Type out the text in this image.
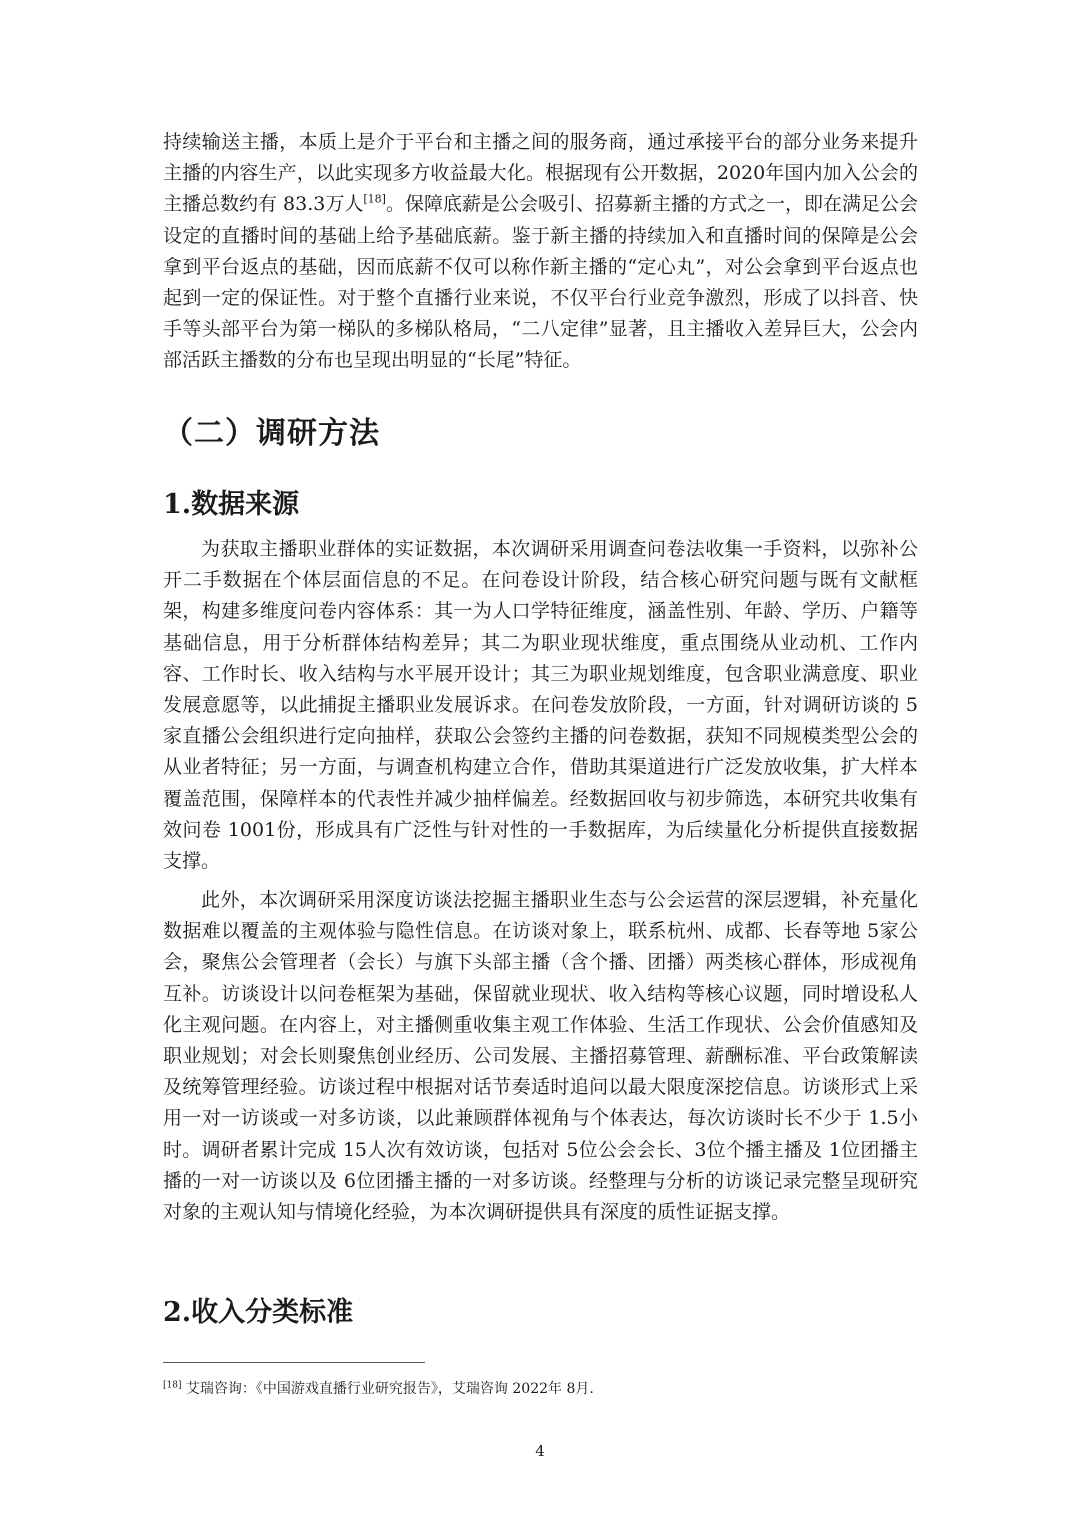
持续输送主播，本质上是介于平台和主播之间的服务商，通过承接平台的部分业务来提升主播的内容生产，以此实现多方收益最大化。根据现有公开数据，2020年国内加入公会的主播总数约有 83.3万人[18]。保障底薪是公会吸引、招募新主播的方式之一，即在满足公会设定的直播时间的基础上给予基础底薪。鉴于新主播的持续加入和直播时间的保障是公会拿到平台返点的基础，因而底薪不仅可以称作新主播的“定心丸”，对公会拿到平台返点也起到一定的保证性。对于整个直播行业来说，不仅平台行业竞争激烈，形成了以抖音、快手等头部平台为第一梯队的多梯队格局，“二八定律”显著，且主播收入差异巨大，公会内部活跃主播数的分布也呈现出明显的“长尾”特征。

（二）调研方法
1.数据来源

为获取主播职业群体的实证数据，本次调研采用调查问卷法收集一手资料，以弥补公开二手数据在个体层面信息的不足。在问卷设计阶段，结合核心研究问题与既有文献框架，构建多维度问卷内容体系：其一为人口学特征维度，涵盖性别、年龄、学历、户籍等基础信息，用于分析群体结构差异；其二为职业现状维度，重点围绕从业动机、工作内容、工作时长、收入结构与水平展开设计；其三为职业规划维度，包含职业满意度、职业发展意愿等，以此捕捉主播职业发展诉求。在问卷发放阶段，一方面，针对调研访谈的 5家直播公会组织进行定向抽样，获取公会签约主播的问卷数据，获知不同规模类型公会的从业者特征；另一方面，与调查机构建立合作，借助其渠道进行广泛发放收集，扩大样本覆盖范围，保障样本的代表性并减少抽样偏差。经数据回收与初步筛选，本研究共收集有效问卷 1001份，形成具有广泛性与针对性的一手数据库，为后续量化分析提供直接数据支撑。

此外，本次调研采用深度访谈法挖掘主播职业生态与公会运营的深层逻辑，补充量化数据难以覆盖的主观体验与隐性信息。在访谈对象上，联系杭州、成都、长春等地 5家公会，聚焦公会管理者（会长）与旗下头部主播（含个播、团播）两类核心群体，形成视角互补。访谈设计以问卷框架为基础，保留就业现状、收入结构等核心议题，同时增设私人化主观问题。在内容上，对主播侧重收集主观工作体验、生活工作现状、公会价值感知及职业规划；对会长则聚焦创业经历、公司发展、主播招募管理、薪酬标准、平台政策解读及统筹管理经验。访谈过程中根据对话节奏适时追问以最大限度深挖信息。访谈形式上采用一对一访谈或一对多访谈，以此兼顾群体视角与个体表达，每次访谈时长不少于 1.5小时。调研者累计完成 15人次有效访谈，包括对 5位公会会长、3位个播主播及 1位团播主播的一对一访谈以及 6位团播主播的一对多访谈。经整理与分析的访谈记录完整呈现研究对象的主观认知与情境化经验，为本次调研提供具有深度的质性证据支撑。

2.收入分类标准

[18] 艾瑞咨询：《中国游戏直播行业研究报告》，艾瑞咨询 2022年 8月.

4
